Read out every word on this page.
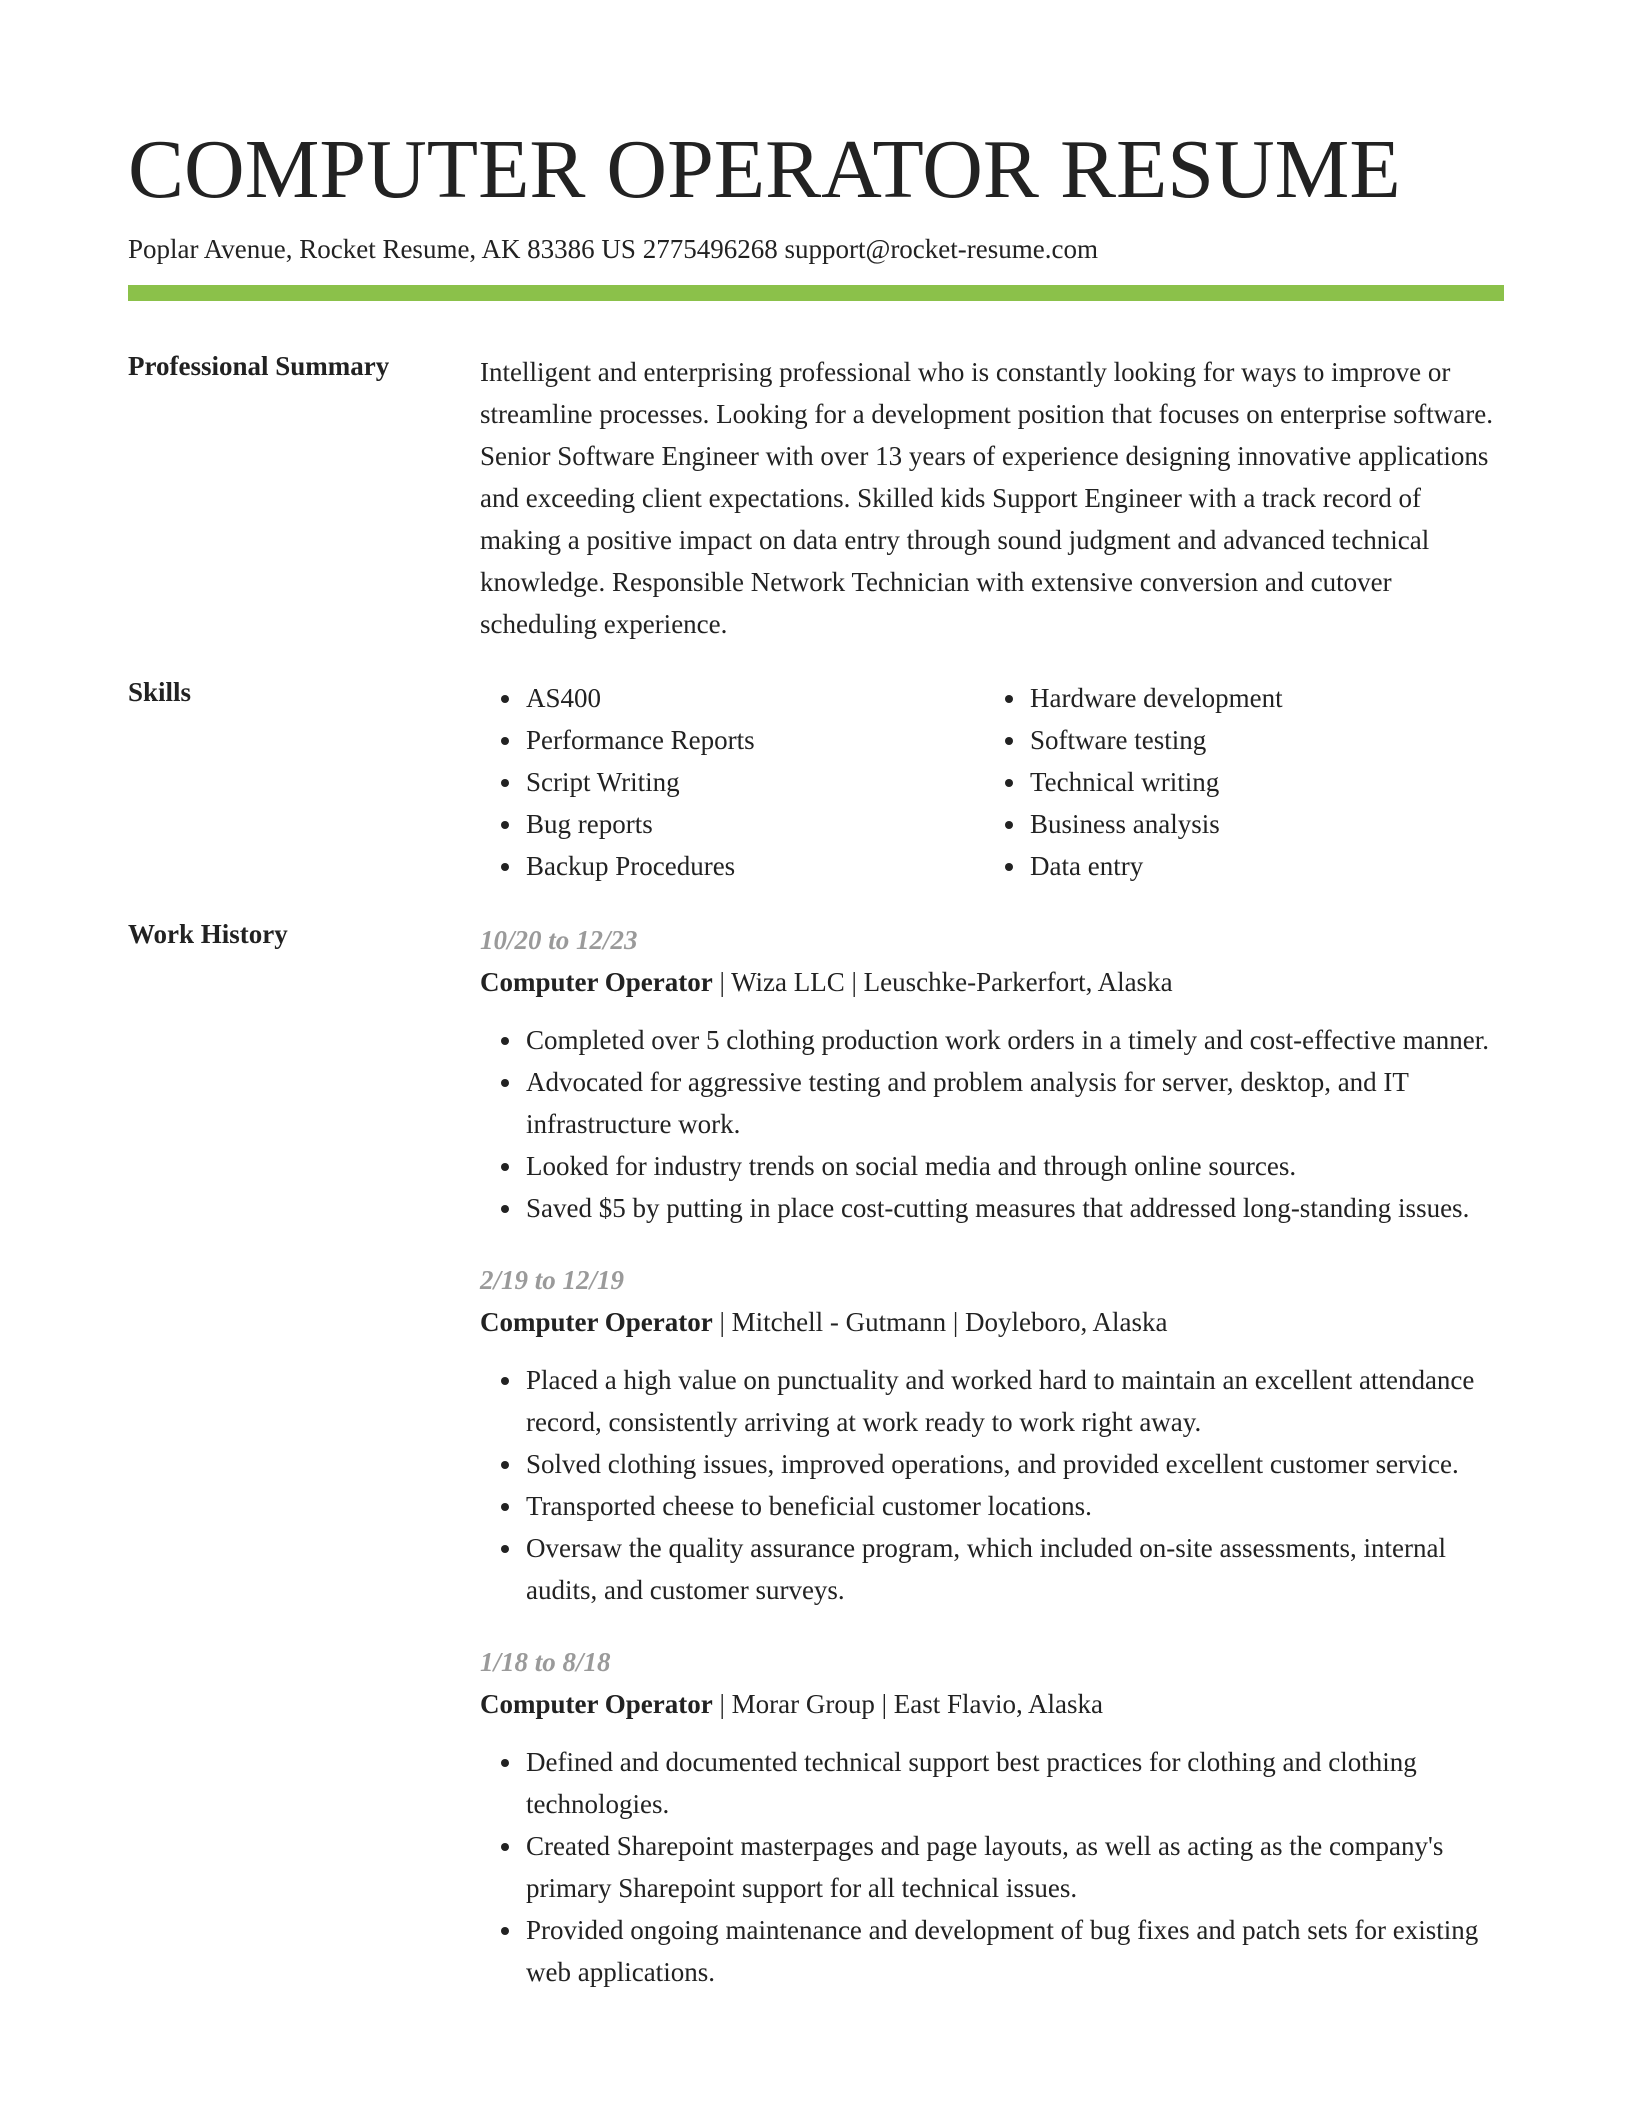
COMPUTER OPERATOR RESUME
Poplar Avenue, Rocket Resume, AK 83386 US 2775496268 support@rocket-resume.com
Professional Summary	Intelligent and enterprising professional who is constantly looking for ways to improve or streamline processes. Looking for a development position that focuses on enterprise software. Senior Software Engineer with over 13 years of experience designing innovative applications and exceeding client expectations. Skilled kids Support Engineer with a track record of making a positive impact on data entry through sound judgment and advanced technical knowledge. Responsible Network Technician with extensive conversion and cutover scheduling experience.

Skills
•	AS400
• Performance Reports
• Script Writing
• Bug reports
• Backup Procedures
• Hardware development
• Software testing
• Technical writing
• Business analysis
• Data entry
Work History	10/20 to 12/23
Computer Operator | Wiza LLC | Leuschke-Parkerfort, Alaska
• Completed over 5 clothing production work orders in a timely and cost-effective manner.
• Advocated for aggressive testing and problem analysis for server, desktop, and IT infrastructure work.
• Looked for industry trends on social media and through online sources.
• Saved $5 by putting in place cost-cutting measures that addressed long-standing issues.
2/19 to 12/19
Computer Operator | Mitchell - Gutmann | Doyleboro, Alaska
• Placed a high value on punctuality and worked hard to maintain an excellent attendance record, consistently arriving at work ready to work right away.
• Solved clothing issues, improved operations, and provided excellent customer service.
• Transported cheese to beneficial customer locations.
• Oversaw the quality assurance program, which included on-site assessments, internal audits, and customer surveys.
1/18 to 8/18
Computer Operator | Morar Group | East Flavio, Alaska
• Defined and documented technical support best practices for clothing and clothing technologies.
• Created Sharepoint masterpages and page layouts, as well as acting as the company's primary Sharepoint support for all technical issues.
• Provided ongoing maintenance and development of bug fixes and patch sets for existing web applications.
